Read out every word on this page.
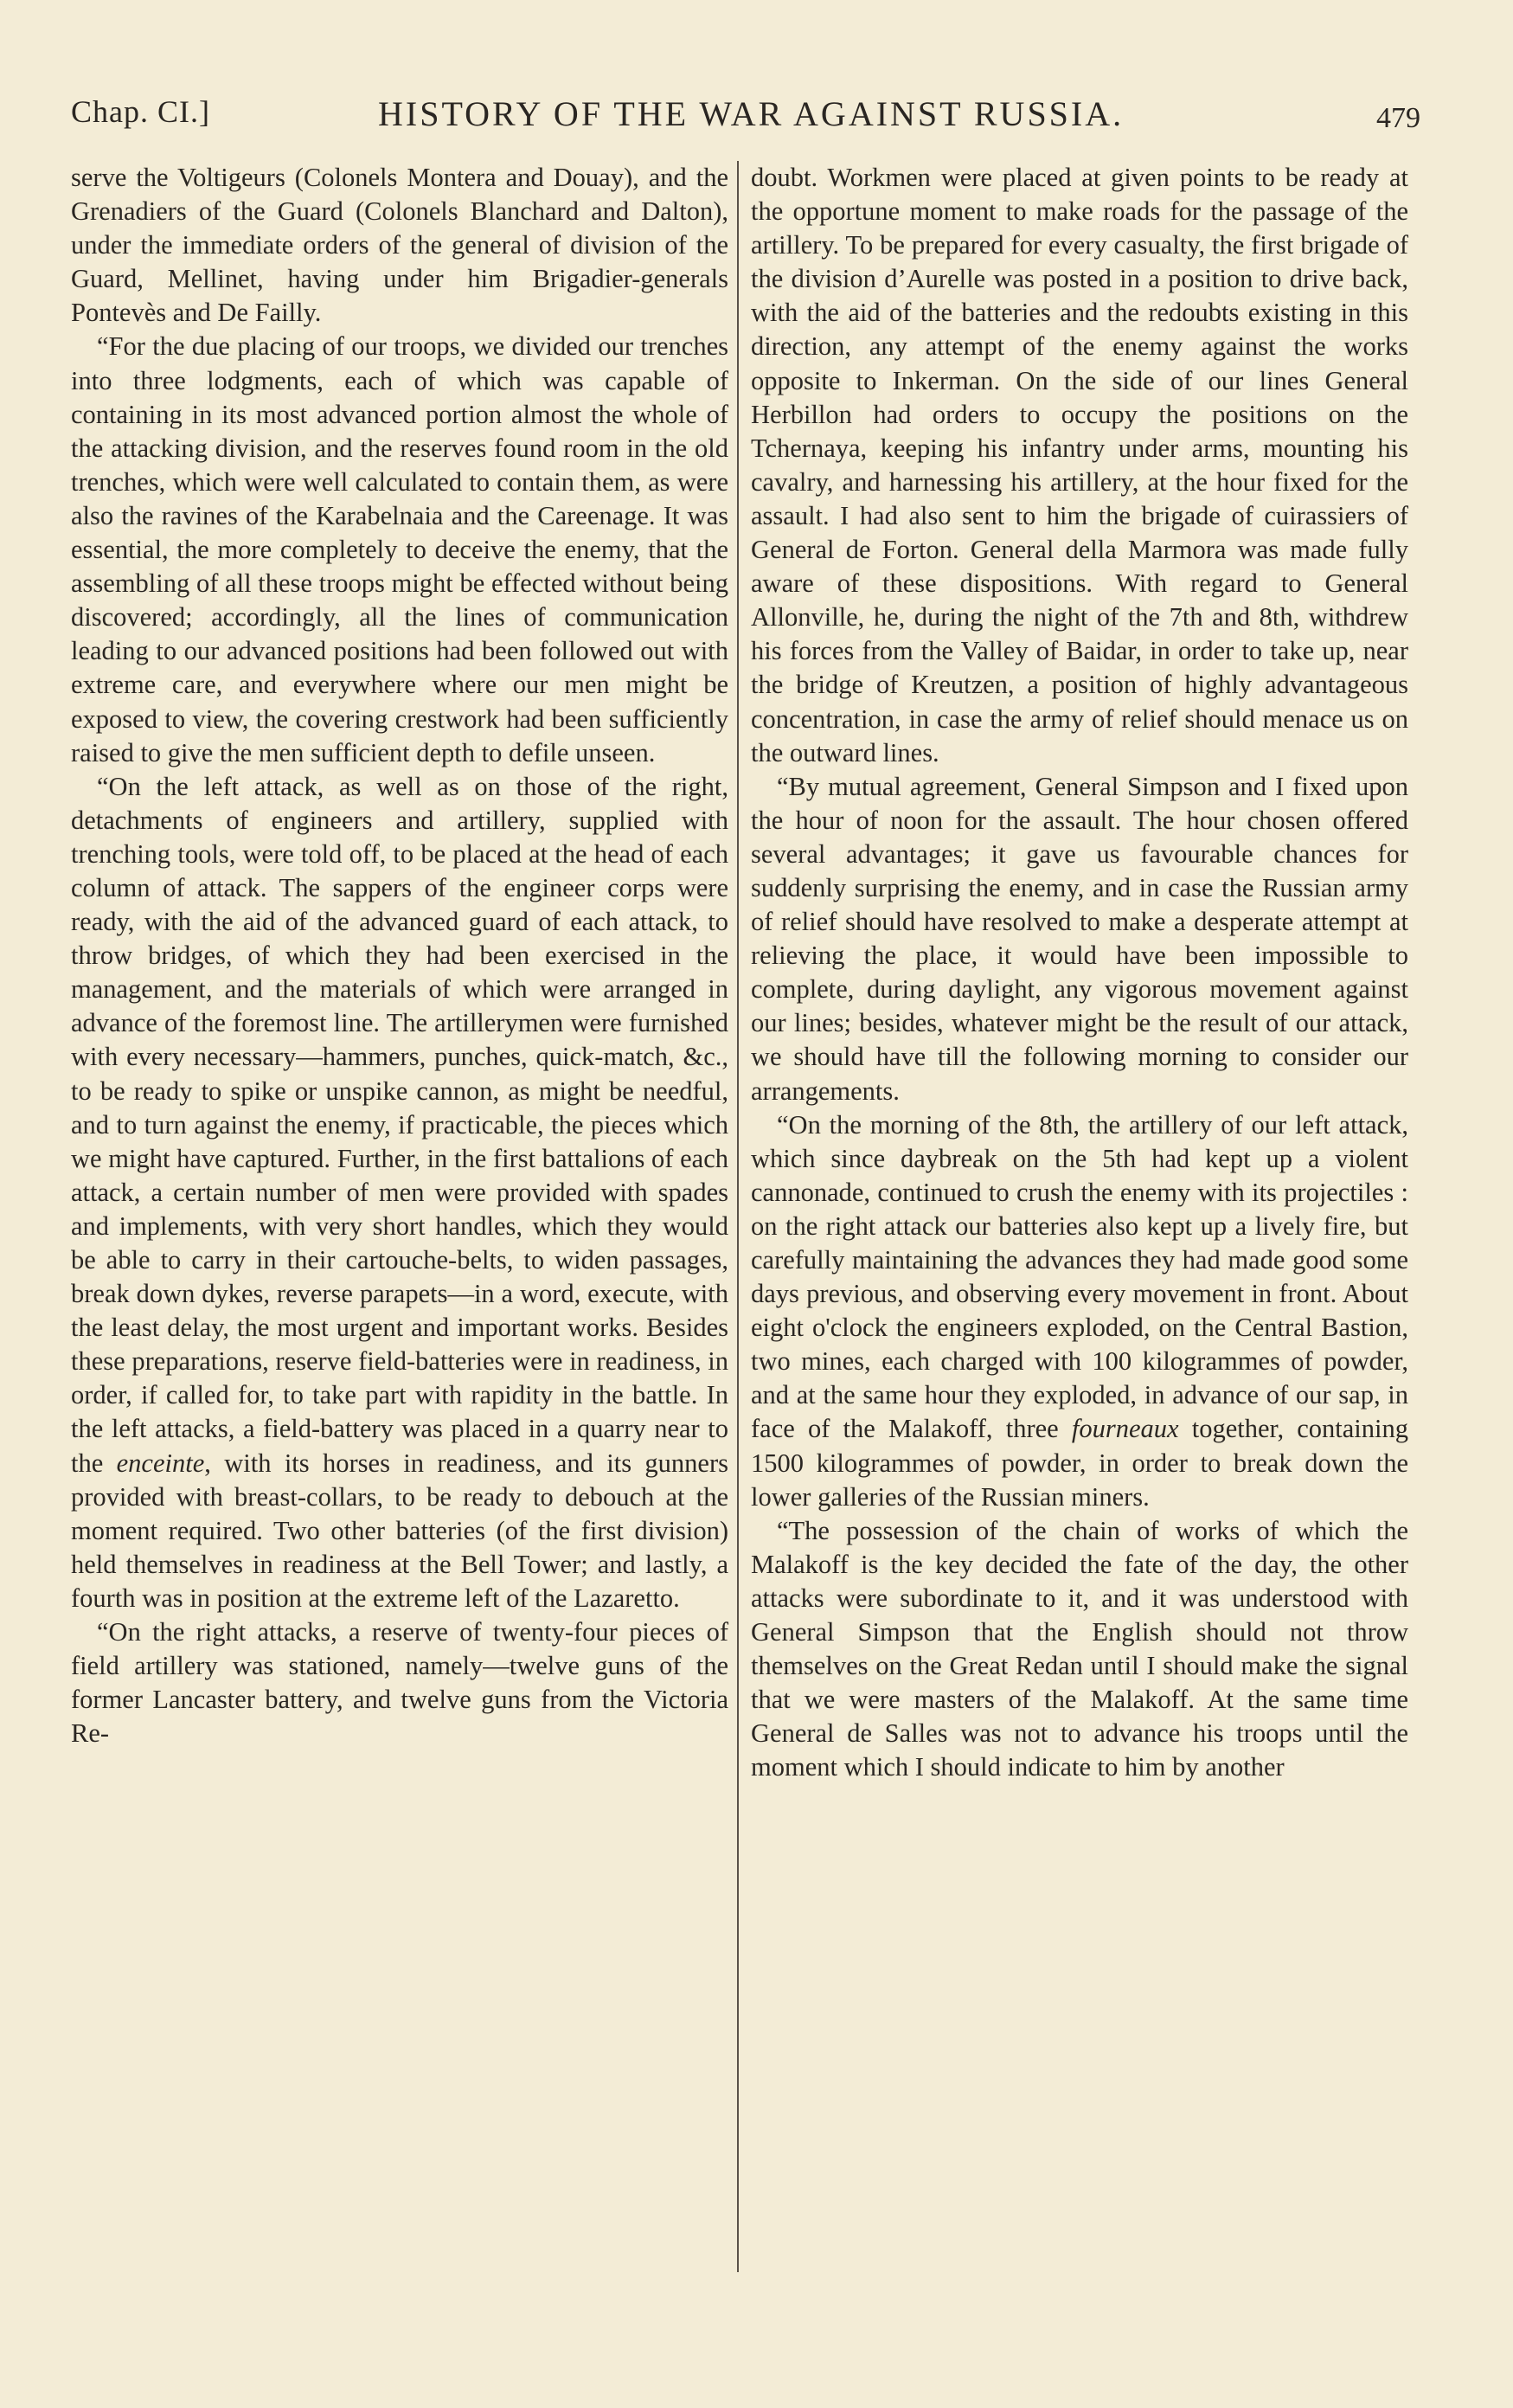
Chap. CI.]	HISTORY OF THE WAR AGAINST RUSSIA.	479

serve the Voltigeurs (Colonels Montera and Douay), and the Grenadiers of the Guard (Colonels Blanchard and Dalton), under the immediate orders of the general of division of the Guard, Mellinet, having under him Brigadier-generals Pontevès and De Failly.

“For the due placing of our troops, we divided our trenches into three lodgments, each of which was capable of containing in its most advanced portion almost the whole of the attacking division, and the reserves found room in the old trenches, which were well calculated to contain them, as were also the ravines of the Karabelnaia and the Careenage. It was essential, the more completely to deceive the enemy, that the assembling of all these troops might be effected without being discovered; accordingly, all the lines of communication leading to our advanced positions had been followed out with extreme care, and everywhere where our men might be exposed to view, the covering crestwork had been sufficiently raised to give the men sufficient depth to defile unseen.

“On the left attack, as well as on those of the right, detachments of engineers and artillery, supplied with trenching tools, were told off, to be placed at the head of each column of attack. The sappers of the engineer corps were ready, with the aid of the advanced guard of each attack, to throw bridges, of which they had been exercised in the management, and the materials of which were arranged in advance of the foremost line. The artillerymen were furnished with every necessary—hammers, punches, quick-match, &c., to be ready to spike or unspike cannon, as might be needful, and to turn against the enemy, if practicable, the pieces which we might have captured. Further, in the first battalions of each attack, a certain number of men were provided with spades and implements, with very short handles, which they would be able to carry in their cartouche-belts, to widen passages, break down dykes, reverse parapets—in a word, execute, with the least delay, the most urgent and important works. Besides these preparations, reserve field-batteries were in readiness, in order, if called for, to take part with rapidity in the battle. In the left attacks, a field-battery was placed in a quarry near to the enceinte, with its horses in readiness, and its gunners provided with breast-collars, to be ready to debouch at the moment required. Two other batteries (of the first division) held themselves in readiness at the Bell Tower; and lastly, a fourth was in position at the extreme left of the Lazaretto.

“On the right attacks, a reserve of twenty-four pieces of field artillery was stationed, namely—twelve guns of the former Lancaster battery, and twelve guns from the Victoria Re-

doubt. Workmen were placed at given points to be ready at the opportune moment to make roads for the passage of the artillery. To be prepared for every casualty, the first brigade of the division d’Aurelle was posted in a position to drive back, with the aid of the batteries and the redoubts existing in this direction, any attempt of the enemy against the works opposite to Inkerman. On the side of our lines General Herbillon had orders to occupy the positions on the Tchernaya, keeping his infantry under arms, mounting his cavalry, and harnessing his artillery, at the hour fixed for the assault. I had also sent to him the brigade of cuirassiers of General de Forton. General della Marmora was made fully aware of these dispositions. With regard to General Allonville, he, during the night of the 7th and 8th, withdrew his forces from the Valley of Baidar, in order to take up, near the bridge of Kreutzen, a position of highly advantageous concentration, in case the army of relief should menace us on the outward lines.

“By mutual agreement, General Simpson and I fixed upon the hour of noon for the assault. The hour chosen offered several advantages; it gave us favourable chances for suddenly surprising the enemy, and in case the Russian army of relief should have resolved to make a desperate attempt at relieving the place, it would have been impossible to complete, during daylight, any vigorous movement against our lines; besides, whatever might be the result of our attack, we should have till the following morning to consider our arrangements.

“On the morning of the 8th, the artillery of our left attack, which since daybreak on the 5th had kept up a violent cannonade, continued to crush the enemy with its projectiles : on the right attack our batteries also kept up a lively fire, but carefully maintaining the advances they had made good some days previous, and observing every movement in front. About eight o'clock the engineers exploded, on the Central Bastion, two mines, each charged with 100 kilogrammes of powder, and at the same hour they exploded, in advance of our sap, in face of the Malakoff, three fourneaux together, containing 1500 kilogrammes of powder, in order to break down the lower galleries of the Russian miners.

“The possession of the chain of works of which the Malakoff is the key decided the fate of the day, the other attacks were subordinate to it, and it was understood with General Simpson that the English should not throw themselves on the Great Redan until I should make the signal that we were masters of the Malakoff. At the same time General de Salles was not to advance his troops until the moment which I should indicate to him by another
